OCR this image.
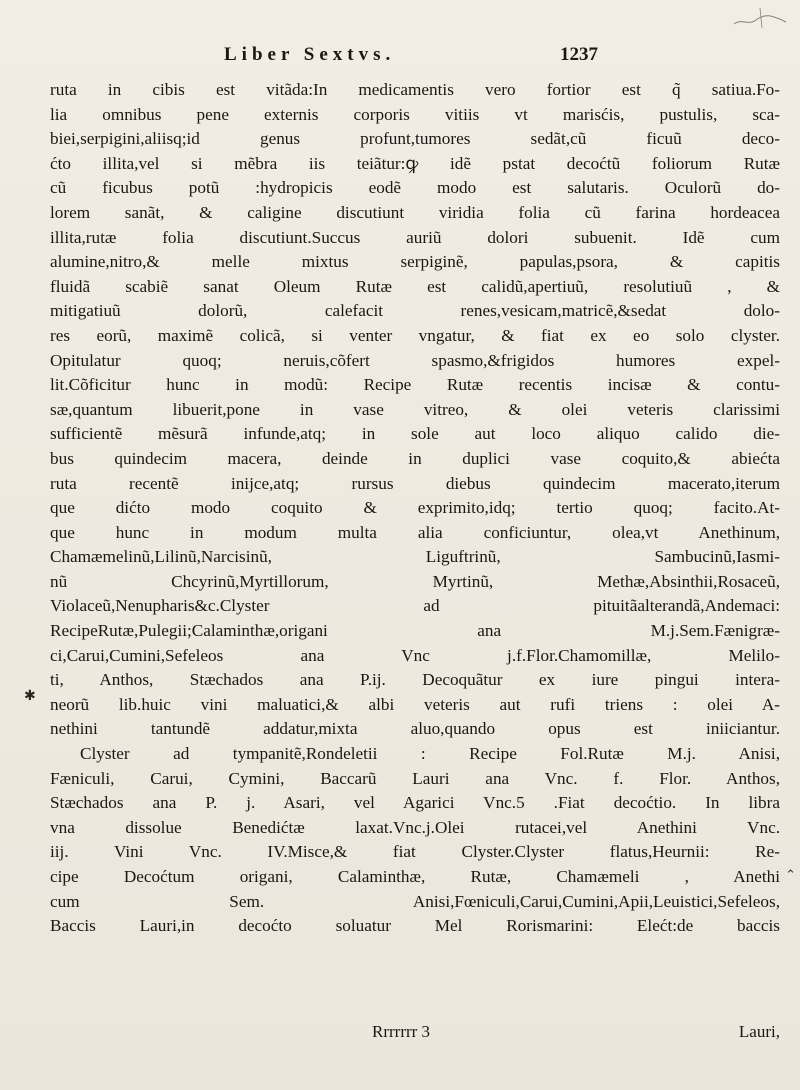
Liber Sextvs.	1237
✱
ruta in cibis est vitãda:In medicamentis vero fortior est q̃ satiua.Fo-
lia omnibus pene externis corporis vitiis vt marisćis, pustulis, sca-
biei,serpigini,aliisq;id genus profunt,tumores sedãt,cũ ficuũ deco-
ćto illita,vel si mẽbra iis teiãtur:ꝙ idẽ pstat decoćtũ foliorum Rutæ
cũ ficubus potũ :hydropicis eodẽ modo est salutaris. Oculorũ do-
lorem sanãt, & caligine discutiunt viridia folia cũ farina hordeacea
illita,rutæ folia discutiunt.Succus auriũ dolori subuenit. Idẽ cum
alumine,nitro,& melle mixtus serpiginẽ, papulas,psora, & capitis
fluidã scabiẽ sanat Oleum Rutæ est calidũ,apertiuũ, resolutiuũ , &
mitigatiuũ dolorũ, calefacit renes,vesicam,matricẽ,&sedat dolo-
res eorũ, maximẽ colicã, si venter vngatur, & fiat ex eo solo clyster.
Opitulatur quoq; neruis,cõfert spasmo,&frigidos humores expel-
lit.Cõficitur hunc in modũ: Recipe Rutæ recentis incisæ & contu-
sæ,quantum libuerit,pone in vase vitreo, & olei veteris clarissimi
sufficientẽ mẽsurã infunde,atq; in sole aut loco aliquo calido die-
bus quindecim macera, deinde in duplici vase coquito,& abiećta
ruta recentẽ inijce,atq; rursus diebus quindecim macerato,iterum
que dićto modo coquito & exprimito,idq; tertio quoq; facito.At-
que hunc in modum multa alia conficiuntur, olea,vt Anethinum,
Chamæmelinũ,Lilinũ,Narcisinũ, Liguftrinũ, Sambucinũ,Iasmi-
nũ Chcyrinũ,Myrtillorum, Myrtinũ, Methæ,Absinthii,Rosaceũ,
Violaceũ,Nenupharis&c.Clyster ad pituitãalterandã,Andemaci:
RecipeRutæ,Pulegii;Calaminthæ,origani ana M.j.Sem.Fænigræ-
ci,Carui,Cumini,Sefeleos ana Vnc j.f.Flor.Chamomillæ, Melilo-
ti, Anthos, Stæchados ana P.ij. Decoquãtur ex iure pingui intera-
neorũ lib.huic vini maluatici,& albi veteris aut rufi triens : olei A-
nethini tantundẽ addatur,mixta aluo,quando opus est iniiciantur.
Clyster ad tympanitẽ,Rondeletii : Recipe Fol.Rutæ M.j. Anisi,
Fæniculi, Carui, Cymini, Baccarũ Lauri ana Vnc. f. Flor. Anthos,
Stæchados ana P. j. Asari, vel Agarici Vnc.5 .Fiat decoćtio. In libra
vna dissolue Benedićtæ laxat.Vnc.j.Olei rutacei,vel Anethini Vnc.
iij. Vini Vnc. IV.Misce,& fiat Clyster.Clyster flatus,Heurnii: Re-
cipe Decoćtum origani, Calaminthæ, Rutæ, Chamæmeli , Anethi
cum Sem. Anisi,Fœniculi,Carui,Cumini,Apii,Leuistici,Sefeleos,
Baccis Lauri,in decoćto soluatur Mel Rorismarini: Elećt:de baccis
⌃
Rrrrrrr 3	Lauri,
